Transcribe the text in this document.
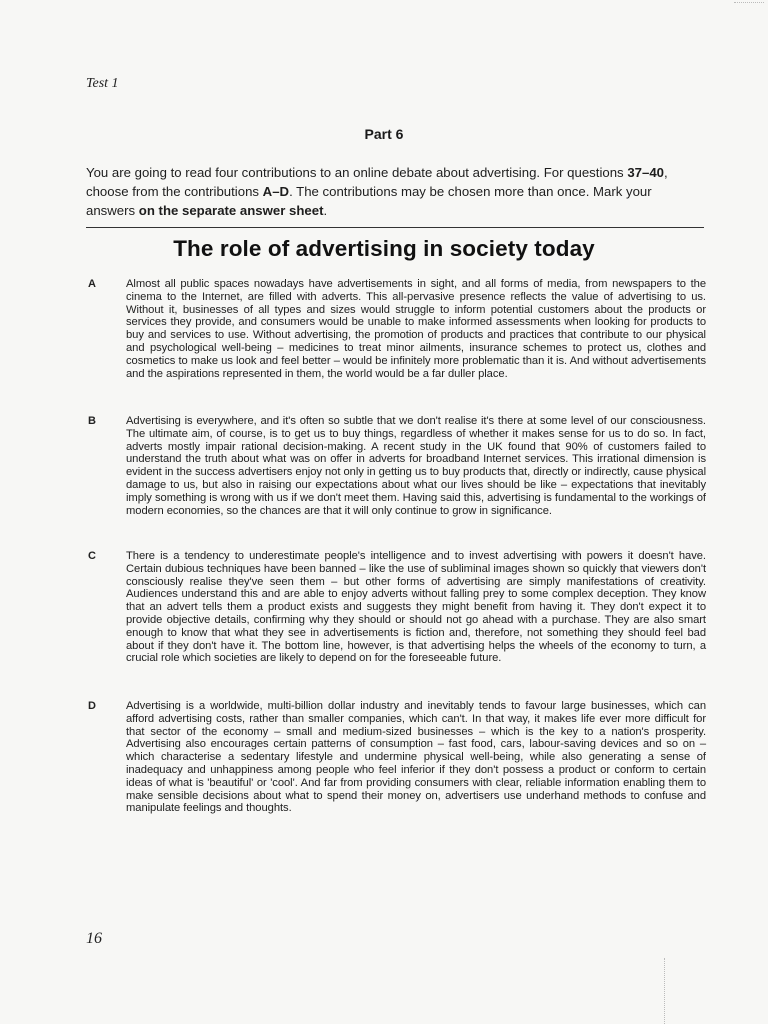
Test 1
Part 6
You are going to read four contributions to an online debate about advertising. For questions 37–40, choose from the contributions A–D. The contributions may be chosen more than once. Mark your answers on the separate answer sheet.
The role of advertising in society today
A	Almost all public spaces nowadays have advertisements in sight, and all forms of media, from newspapers to the cinema to the Internet, are filled with adverts. This all-pervasive presence reflects the value of advertising to us. Without it, businesses of all types and sizes would struggle to inform potential customers about the products or services they provide, and consumers would be unable to make informed assessments when looking for products to buy and services to use. Without advertising, the promotion of products and practices that contribute to our physical and psychological well-being – medicines to treat minor ailments, insurance schemes to protect us, clothes and cosmetics to make us look and feel better – would be infinitely more problematic than it is. And without advertisements and the aspirations represented in them, the world would be a far duller place.
B	Advertising is everywhere, and it's often so subtle that we don't realise it's there at some level of our consciousness. The ultimate aim, of course, is to get us to buy things, regardless of whether it makes sense for us to do so. In fact, adverts mostly impair rational decision-making. A recent study in the UK found that 90% of customers failed to understand the truth about what was on offer in adverts for broadband Internet services. This irrational dimension is evident in the success advertisers enjoy not only in getting us to buy products that, directly or indirectly, cause physical damage to us, but also in raising our expectations about what our lives should be like – expectations that inevitably imply something is wrong with us if we don't meet them. Having said this, advertising is fundamental to the workings of modern economies, so the chances are that it will only continue to grow in significance.
C	There is a tendency to underestimate people's intelligence and to invest advertising with powers it doesn't have. Certain dubious techniques have been banned – like the use of subliminal images shown so quickly that viewers don't consciously realise they've seen them – but other forms of advertising are simply manifestations of creativity. Audiences understand this and are able to enjoy adverts without falling prey to some complex deception. They know that an advert tells them a product exists and suggests they might benefit from having it. They don't expect it to provide objective details, confirming why they should or should not go ahead with a purchase. They are also smart enough to know that what they see in advertisements is fiction and, therefore, not something they should feel bad about if they don't have it. The bottom line, however, is that advertising helps the wheels of the economy to turn, a crucial role which societies are likely to depend on for the foreseeable future.
D	Advertising is a worldwide, multi-billion dollar industry and inevitably tends to favour large businesses, which can afford advertising costs, rather than smaller companies, which can't. In that way, it makes life ever more difficult for that sector of the economy – small and medium-sized businesses – which is the key to a nation's prosperity. Advertising also encourages certain patterns of consumption – fast food, cars, labour-saving devices and so on – which characterise a sedentary lifestyle and undermine physical well-being, while also generating a sense of inadequacy and unhappiness among people who feel inferior if they don't possess a product or conform to certain ideas of what is 'beautiful' or 'cool'. And far from providing consumers with clear, reliable information enabling them to make sensible decisions about what to spend their money on, advertisers use underhand methods to confuse and manipulate feelings and thoughts.
16
